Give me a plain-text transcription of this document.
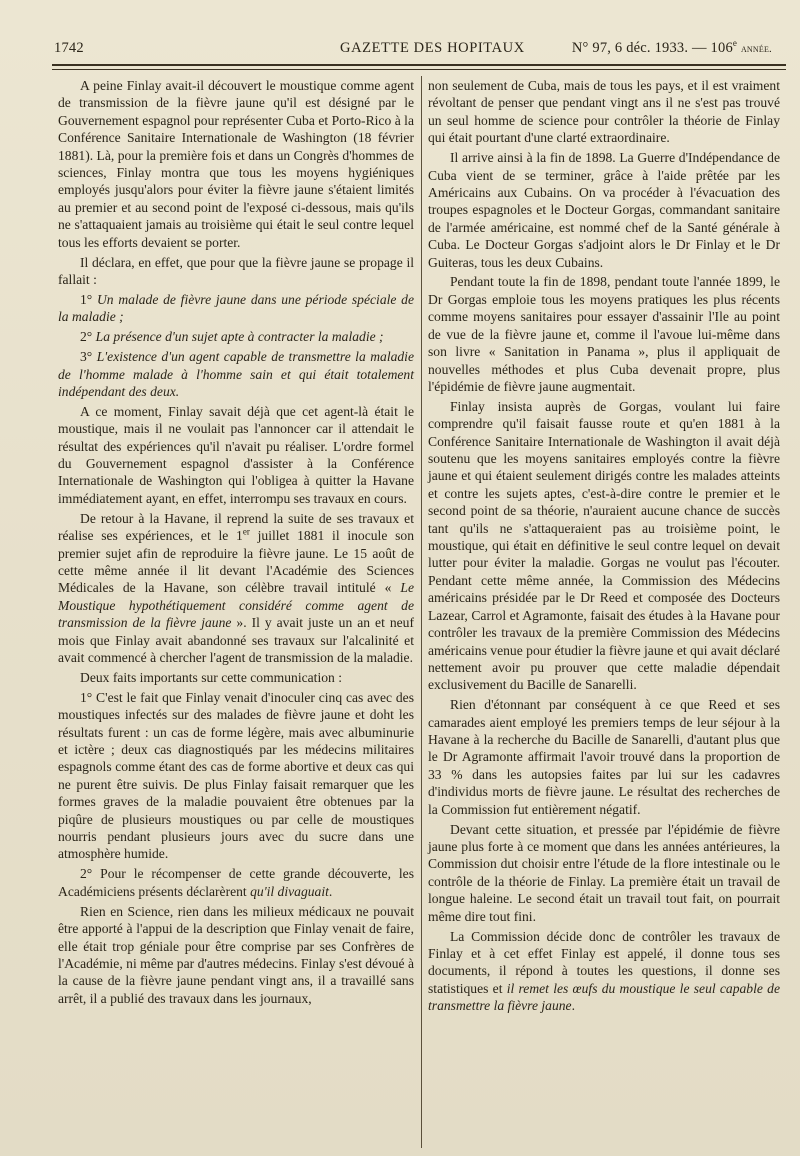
1742	GAZETTE DES HOPITAUX	N° 97, 6 déc. 1933. — 106e année.

A peine Finlay avait-il découvert le moustique comme agent de transmission de la fièvre jaune qu'il est désigné par le Gouvernement espagnol pour représenter Cuba et Porto-Rico à la Conférence Sanitaire Internationale de Washington (18 février 1881). Là, pour la première fois et dans un Congrès d'hommes de sciences, Finlay montra que tous les moyens hygiéniques employés jusqu'alors pour éviter la fièvre jaune s'étaient limités au premier et au second point de l'exposé ci-dessous, mais qu'ils ne s'attaquaient jamais au troisième qui était le seul contre lequel tous les efforts devaient se porter.

Il déclara, en effet, que pour que la fièvre jaune se propage il fallait :

1° Un malade de fièvre jaune dans une période spéciale de la maladie ;

2° La présence d'un sujet apte à contracter la maladie ;

3° L'existence d'un agent capable de transmettre la maladie de l'homme malade à l'homme sain et qui était totalement indépendant des deux.

A ce moment, Finlay savait déjà que cet agent-là était le moustique, mais il ne voulait pas l'annoncer car il attendait le résultat des expériences qu'il n'avait pu réaliser. L'ordre formel du Gouvernement espagnol d'assister à la Conférence Internationale de Washington qui l'obligea à quitter la Havane immédiatement ayant, en effet, interrompu ses travaux en cours.

De retour à la Havane, il reprend la suite de ses travaux et réalise ses expériences, et le 1er juillet 1881 il inocule son premier sujet afin de reproduire la fièvre jaune. Le 15 août de cette même année il lit devant l'Académie des Sciences Médicales de la Havane, son célèbre travail intitulé « Le Moustique hypothétiquement considéré comme agent de transmission de la fièvre jaune ». Il y avait juste un an et neuf mois que Finlay avait abandonné ses travaux sur l'alcalinité et avait commencé à chercher l'agent de transmission de la maladie.

Deux faits importants sur cette communication :

1° C'est le fait que Finlay venait d'inoculer cinq cas avec des moustiques infectés sur des malades de fièvre jaune et doht les résultats furent : un cas de forme légère, mais avec albuminurie et ictère ; deux cas diagnostiqués par les médecins militaires espagnols comme étant des cas de forme abortive et deux cas qui ne purent être suivis. De plus Finlay faisait remarquer que les formes graves de la maladie pouvaient être obtenues par la piqûre de plusieurs moustiques ou par celle de moustiques nourris pendant plusieurs jours avec du sucre dans une atmosphère humide.

2° Pour le récompenser de cette grande découverte, les Académiciens présents déclarèrent qu'il divaguait.

Rien en Science, rien dans les milieux médicaux ne pouvait être apporté à l'appui de la description que Finlay venait de faire, elle était trop géniale pour être comprise par ses Confrères de l'Académie, ni même par d'autres médecins. Finlay s'est dévoué à la cause de la fièvre jaune pendant vingt ans, il a travaillé sans arrêt, il a publié des travaux dans les journaux,

non seulement de Cuba, mais de tous les pays, et il est vraiment révoltant de penser que pendant vingt ans il ne s'est pas trouvé un seul homme de science pour contrôler la théorie de Finlay qui était pourtant d'une clarté extraordinaire.

Il arrive ainsi à la fin de 1898. La Guerre d'Indépendance de Cuba vient de se terminer, grâce à l'aide prêtée par les Américains aux Cubains. On va procéder à l'évacuation des troupes espagnoles et le Docteur Gorgas, commandant sanitaire de l'armée américaine, est nommé chef de la Santé générale à Cuba. Le Docteur Gorgas s'adjoint alors le Dr Finlay et le Dr Guiteras, tous les deux Cubains.

Pendant toute la fin de 1898, pendant toute l'année 1899, le Dr Gorgas emploie tous les moyens pratiques les plus récents comme moyens sanitaires pour essayer d'assainir l'Ile au point de vue de la fièvre jaune et, comme il l'avoue lui-même dans son livre « Sanitation in Panama », plus il appliquait de nouvelles méthodes et plus Cuba devenait propre, plus l'épidémie de fièvre jaune augmentait.

Finlay insista auprès de Gorgas, voulant lui faire comprendre qu'il faisait fausse route et qu'en 1881 à la Conférence Sanitaire Internationale de Washington il avait déjà soutenu que les moyens sanitaires employés contre la fièvre jaune et qui étaient seulement dirigés contre les malades atteints et contre les sujets aptes, c'est-à-dire contre le premier et le second point de sa théorie, n'auraient aucune chance de succès tant qu'ils ne s'attaqueraient pas au troisième point, le moustique, qui était en définitive le seul contre lequel on devait lutter pour éviter la maladie. Gorgas ne voulut pas l'écouter. Pendant cette même année, la Commission des Médecins américains présidée par le Dr Reed et composée des Docteurs Lazear, Carrol et Agramonte, faisait des études à la Havane pour contrôler les travaux de la première Commission des Médecins américains venue pour étudier la fièvre jaune et qui avait déclaré nettement avoir pu prouver que cette maladie dépendait exclusivement du Bacille de Sanarelli.

Rien d'étonnant par conséquent à ce que Reed et ses camarades aient employé les premiers temps de leur séjour à la Havane à la recherche du Bacille de Sanarelli, d'autant plus que le Dr Agramonte affirmait l'avoir trouvé dans la proportion de 33 % dans les autopsies faites par lui sur les cadavres d'individus morts de fièvre jaune. Le résultat des recherches de la Commission fut entièrement négatif.

Devant cette situation, et pressée par l'épidémie de fièvre jaune plus forte à ce moment que dans les années antérieures, la Commission dut choisir entre l'étude de la flore intestinale ou le contrôle de la théorie de Finlay. La première était un travail de longue haleine. Le second était un travail tout fait, on pourrait même dire tout fini.

La Commission décide donc de contrôler les travaux de Finlay et à cet effet Finlay est appelé, il donne tous ses documents, il répond à toutes les questions, il donne ses statistiques et il remet les œufs du moustique le seul capable de transmettre la fièvre jaune.
